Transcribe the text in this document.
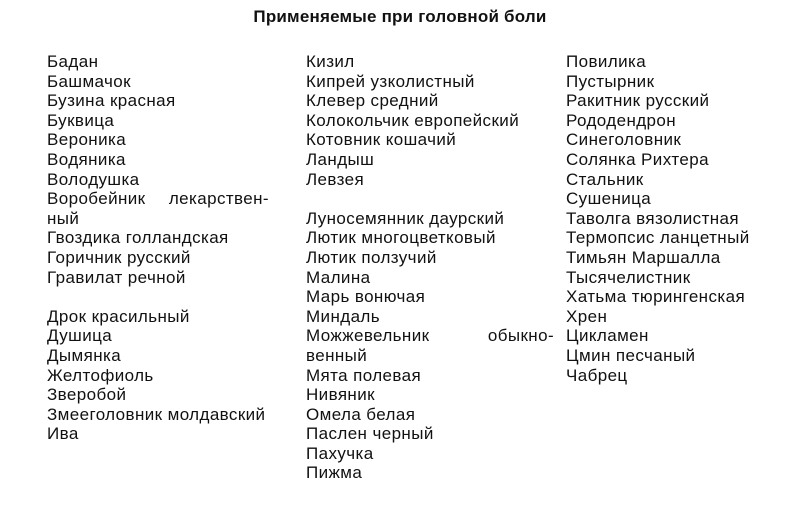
Применяемые при головной боли
Бадан
Башмачок
Бузина красная
Буквица
Вероника
Водяника
Володушка
Воробейник лекарствен-
ный
Гвоздика голландская
Горичник русский
Гравилат речной
Дрок красильный
Душица
Дымянка
Желтофиоль
Зверобой
Змееголовник молдавский
Ива
Кизил
Кипрей узколистный
Клевер средний
Колокольчик европейский
Котовник кошачий
Ландыш
Левзея
Луносемянник даурский
Лютик многоцветковый
Лютик ползучий
Малина
Марь вонючая
Миндаль
Можжевельник обыкно-
венный
Мята полевая
Нивяник
Омела белая
Паслен черный
Пахучка
Пижма
Повилика
Пустырник
Ракитник русский
Рододендрон
Синеголовник
Солянка Рихтера
Стальник
Сушеница
Таволга вязолистная
Термопсис ланцетный
Тимьян Маршалла
Тысячелистник
Хатьма тюрингенская
Хрен
Цикламен
Цмин песчаный
Чабрец
